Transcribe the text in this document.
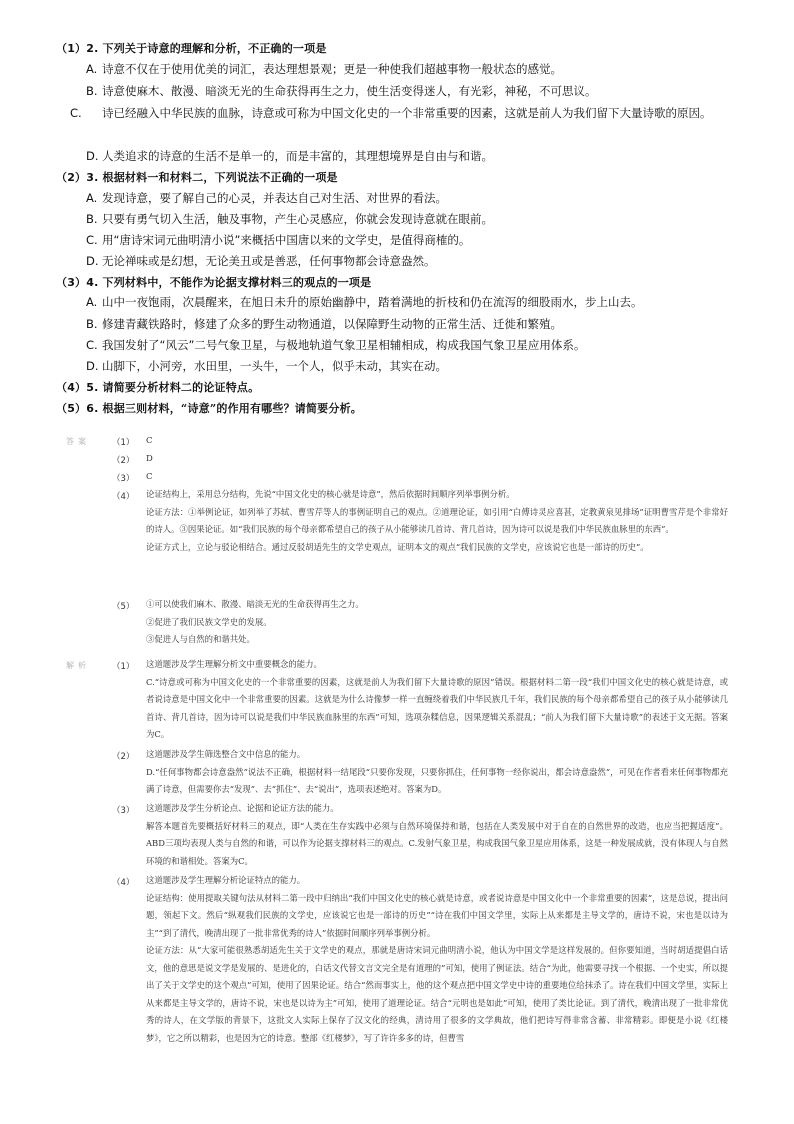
（1）2. 下列关于诗意的理解和分析，不正确的一项是
A. 诗意不仅在于使用优美的词汇，表达理想景观；更是一种使我们超越事物一般状态的感觉。
B. 诗意使麻木、散漫、暗淡无光的生命获得再生之力，使生活变得迷人，有光彩，神秘，不可思议。
C. 诗已经融入中华民族的血脉，诗意或可称为中国文化史的一个非常重要的因素，这就是前人为我们留下大量诗歌的原因。
D. 人类追求的诗意的生活不是单一的，而是丰富的，其理想境界是自由与和谐。
（2）3. 根据材料一和材料二，下列说法不正确的一项是
A. 发现诗意，要了解自己的心灵，并表达自己对生活、对世界的看法。
B. 只要有勇气切入生活，触及事物，产生心灵感应，你就会发现诗意就在眼前。
C. 用“唐诗宋词元曲明清小说”来概括中国唐以来的文学史，是值得商榷的。
D. 无论禅味或是幻想，无论美丑或是善恶，任何事物都会诗意盎然。
（3）4. 下列材料中，不能作为论据支撑材料三的观点的一项是
A. 山中一夜饱雨，次晨醒来，在旭日未升的原始幽静中，踏着满地的折枝和仍在流泻的细股雨水，步上山去。
B. 修建青藏铁路时，修建了众多的野生动物通道，以保障野生动物的正常生活、迁徙和繁殖。
C. 我国发射了“风云”二号气象卫星，与极地轨道气象卫星相辅相成，构成我国气象卫星应用体系。
D. 山脚下，小河旁，水田里，一头牛，一个人，似乎未动，其实在动。
（4）5. 请简要分析材料二的论证特点。
（5）6. 根据三则材料，“诗意”的作用有哪些？请简要分析。
答案	（1） C
（2） D
（3） C
（4） 论证结构上，采用总分结构，先说“中国文化史的核心就是诗意”，然后依据时间顺序列举事例分析。
论证方法：①举例论证，如列举了苏轼、曹雪芹等人的事例证明自己的观点。②道理论证，如引用“白傅诗灵应喜甚，定教黄泉见排场”证明曹雪芹是个非常好的诗人。③因果论证。如“我们民族的每个母亲都希望自己的孩子从小能够读几首诗、背几首诗，因为诗可以说是我们中华民族血脉里的东西”。
论证方式上，立论与驳论相结合。通过反驳胡适先生的文学史观点，证明本文的观点“我们民族的文学史，应该说它也是一部诗的历史”。
（5） ①可以使我们麻木、散漫、暗淡无光的生命获得再生之力。
②促进了我们民族文学史的发展。
③促进人与自然的和谐共处。
解析	（1） 这道题涉及学生理解分析文中重要概念的能力。
C.“诗意或可称为中国文化史的一个非常重要的因素，这就是前人为我们留下大量诗歌的原因”错误。根据材料二第一段“我们中国文化史的核心就是诗意，或者说诗意是中国文化中一个非常重要的因素。这就是为什么诗像梦一样一直缠绕着我们中华民族几千年，我们民族的每个母亲都希望自己的孩子从小能够读几首诗、背几首诗，因为诗可以说是我们中华民族血脉里的东西”可知，选项杂糅信息，因果逻辑关系混乱；“前人为我们留下大量诗歌”的表述于文无据。答案为C。
（2） 这道题涉及学生筛选整合文中信息的能力。
D.“任何事物都会诗意盎然”说法不正确，根据材料一结尾段“只要你发现，只要你抓住，任何事物一经你说出，都会诗意盎然”，可见在作者看来任何事物都充满了诗意，但需要你去“发现”、去“抓住”、去“说出”，选项表述绝对。答案为D。
（3） 这道题涉及学生分析论点、论据和论证方法的能力。
解答本题首先要概括好材料三的观点，即“人类在生存实践中必须与自然环境保持和谐，包括在人类发展中对于自在的自然世界的改造，也应当把握适度”。ABD三项均表现人类与自然的和谐，可以作为论据支撑材料三的观点。C.发射气象卫星，构成我国气象卫星应用体系，这是一种发展成就，没有体现人与自然环境的和谐相处。答案为C。
（4） 这道题涉及学生理解分析论证特点的能力。
论证结构：使用提取关键句法从材料二第一段中归纳出“我们中国文化史的核心就是诗意，或者说诗意是中国文化中一个非常重要的因素”，这是总说，提出问题，领起下文。然后“纵观我们民族的文学史，应该说它也是一部诗的历史”“诗在我们中国文学里，实际上从来都是主导文学的，唐诗不说，宋也是以诗为主”“到了清代，晚清出现了一批非常优秀的诗人”依据时间顺序列举事例分析。
论证方法：从“大家可能很熟悉胡适先生关于文学史的观点，那就是唐诗宋词元曲明清小说，他认为中国文学是这样发展的。但你要知道，当时胡适提倡白话文，他的意思是说文学是发展的、是进化的，白话文代替文言文完全是有道理的”可知，使用了例证法。结合“为此，他需要寻找一个根据、一个史实，所以提出了关于文学史的这个观点”可知，使用了因果论证。结合“然而事实上，他的这个观点把中国文学史中诗的重要地位给抹杀了。诗在我们中国文学里，实际上从来都是主导文学的，唐诗不说，宋也是以诗为主”可知，使用了道理论证。结合“元明也是如此”可知，使用了类比论证。到了清代，晚清出现了一批非常优秀的诗人，在文学版的背景下，这批文人实际上保存了汉文化的经典，清诗用了很多的文学典故，他们把诗写得非常含蓄、非常精彩。即便是小说《红楼梦》，它之所以精彩，也是因为它的诗意。整部《红楼梦》，写了许许多多的诗，但曹雪
